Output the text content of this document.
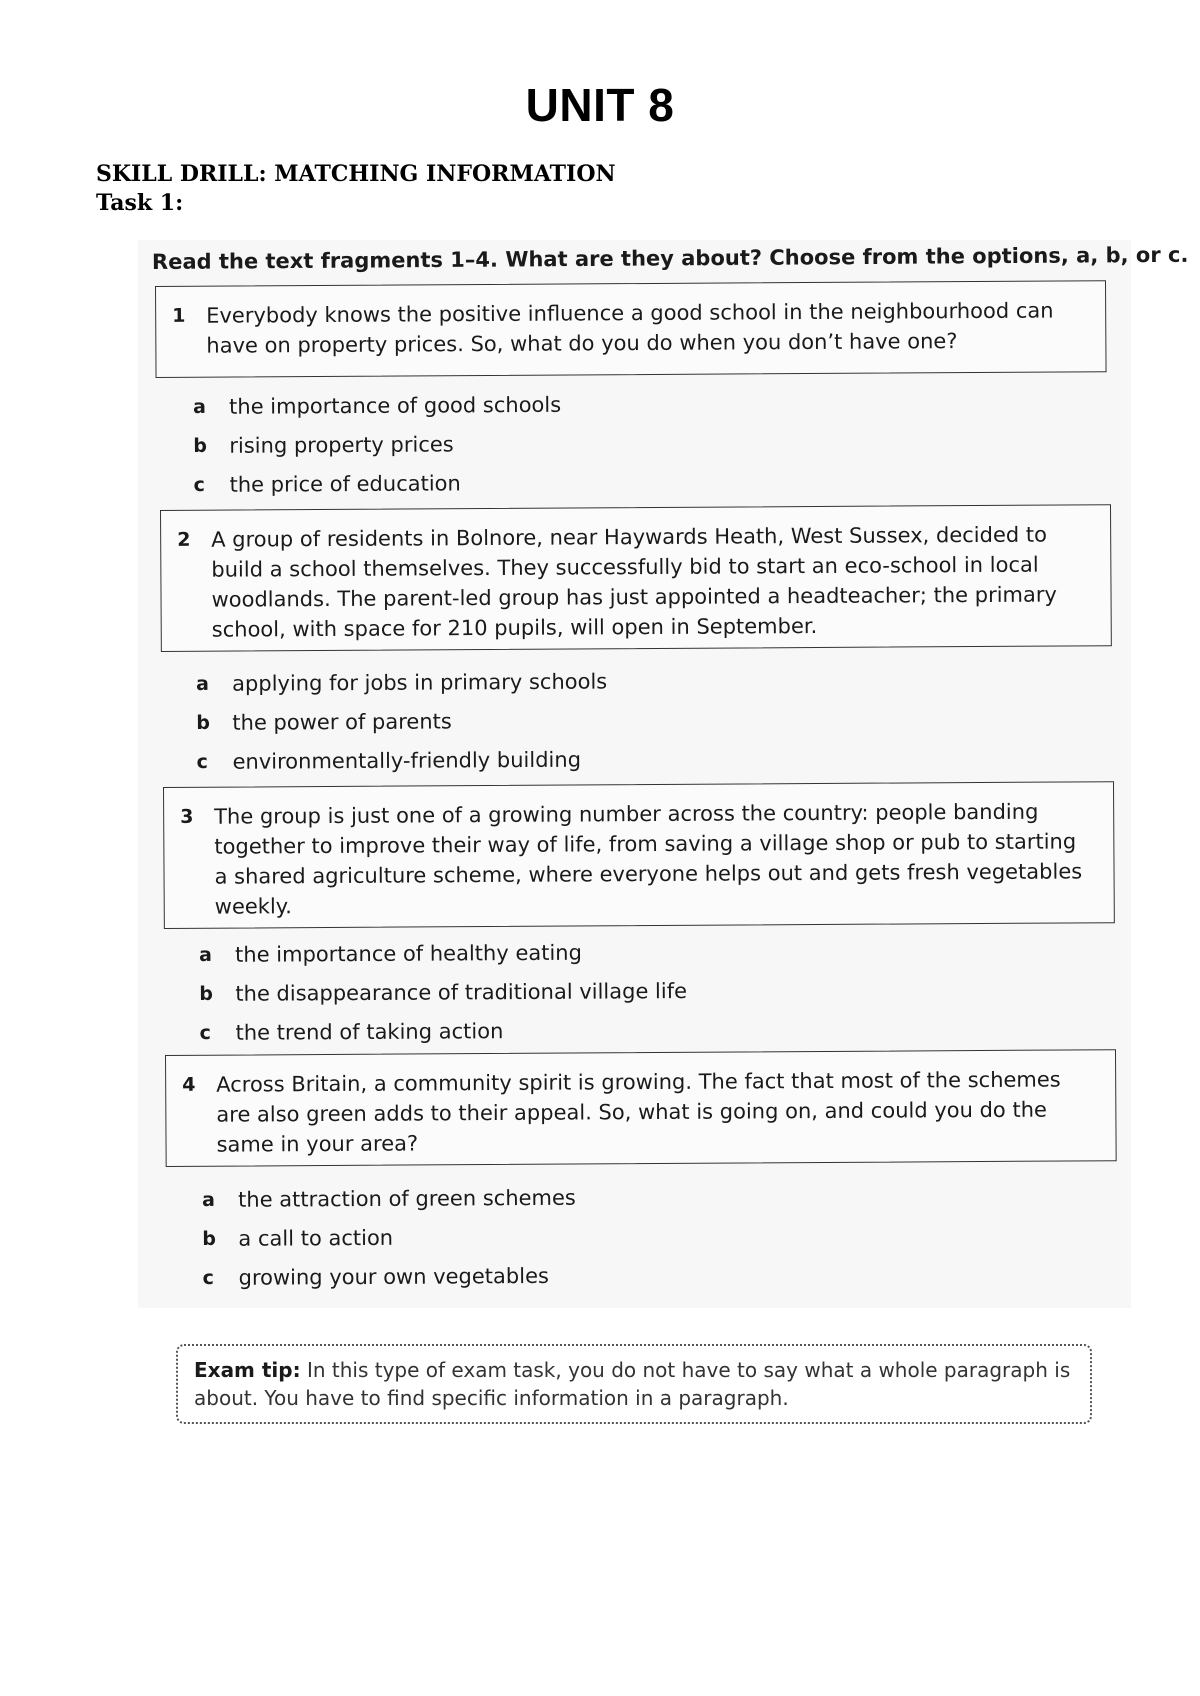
UNIT 8
SKILL DRILL: MATCHING INFORMATION
Task 1:
Read the text fragments 1–4. What are they about? Choose from the options, a, b, or c.
1 Everybody knows the positive influence a good school in the neighbourhood can have on property prices. So, what do you do when you don’t have one?
a	the importance of good schools
b	rising property prices
c	the price of education
2 A group of residents in Bolnore, near Haywards Heath, West Sussex, decided to build a school themselves. They successfully bid to start an eco-school in local woodlands. The parent-led group has just appointed a headteacher; the primary school, with space for 210 pupils, will open in September.
a	applying for jobs in primary schools
b	the power of parents
c	environmentally-friendly building
3 The group is just one of a growing number across the country: people banding together to improve their way of life, from saving a village shop or pub to starting a shared agriculture scheme, where everyone helps out and gets fresh vegetables weekly.
a	the importance of healthy eating
b	the disappearance of traditional village life
c	the trend of taking action
4 Across Britain, a community spirit is growing. The fact that most of the schemes are also green adds to their appeal. So, what is going on, and could you do the same in your area?
a	the attraction of green schemes
b	a call to action
c	growing your own vegetables
Exam tip: In this type of exam task, you do not have to say what a whole paragraph is about. You have to find specific information in a paragraph.
